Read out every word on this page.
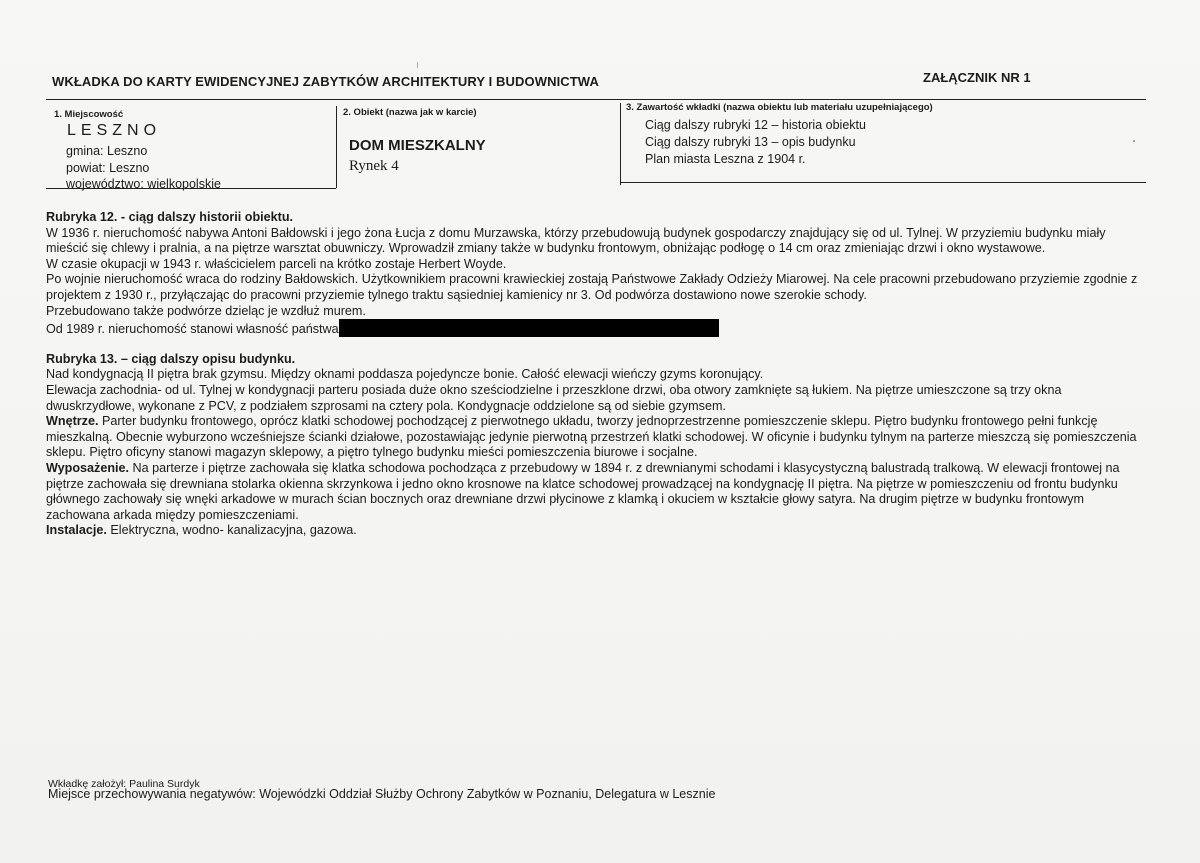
WKŁADKA DO KARTY EWIDENCYJNEJ ZABYTKÓW ARCHITEKTURY I BUDOWNICTWA	ZAŁĄCZNIK NR 1
1. Miejscowość
LESZNO
gmina: Leszno
powiat: Leszno
województwo: wielkopolskie
2. Obiekt (nazwa jak w karcie)
DOM MIESZKALNY
Rynek 4
3. Zawartość wkładki (nazwa obiektu lub materiału uzupełniającego)
Ciąg dalszy rubryki 12 – historia obiektu
Ciąg dalszy rubryki 13 – opis budynku
Plan miasta Leszna z 1904 r.

Rubryka 12. - ciąg dalszy historii obiektu.

W 1936 r. nieruchomość nabywa Antoni Bałdowski i jego żona Łucja z domu Murzawska, którzy przebudowują budynek gospodarczy znajdujący się od ul. Tylnej. W przyziemiu budynku miały mieścić się chlewy i pralnia, a na piętrze warsztat obuwniczy. Wprowadził zmiany także w budynku frontowym, obniżając podłogę o 14 cm oraz zmieniając drzwi i okno wystawowe.

W czasie okupacji w 1943 r. właścicielem parceli na krótko zostaje Herbert Woyde.

Po wojnie nieruchomość wraca do rodziny Bałdowskich. Użytkownikiem pracowni krawieckiej zostają Państwowe Zakłady Odzieży Miarowej. Na cele pracowni przebudowano przyziemie zgodnie z projektem z 1930 r., przyłączając do pracowni przyziemie tylnego traktu sąsiedniej kamienicy nr 3. Od podwórza dostawiono nowe szerokie schody.

Przebudowano także podwórze dzieląc je wzdłuż murem.

Od 1989 r. nieruchomość stanowi własność państwa

Rubryka 13. – ciąg dalszy opisu budynku.

Nad kondygnacją II piętra brak gzymsu. Między oknami poddasza pojedyncze bonie. Całość elewacji wieńczy gzyms koronujący.

Elewacja zachodnia- od ul. Tylnej w kondygnacji parteru posiada duże okno sześciodzielne i przeszklone drzwi, oba otwory zamknięte są łukiem. Na piętrze umieszczone są trzy okna dwuskrzydłowe, wykonane z PCV, z podziałem szprosami na cztery pola. Kondygnacje oddzielone są od siebie gzymsem.

Wnętrze. Parter budynku frontowego, oprócz klatki schodowej pochodzącej z pierwotnego układu, tworzy jednoprzestrzenne pomieszczenie sklepu. Piętro budynku frontowego pełni funkcję mieszkalną. Obecnie wyburzono wcześniejsze ścianki działowe, pozostawiając jedynie pierwotną przestrzeń klatki schodowej. W oficynie i budynku tylnym na parterze mieszczą się pomieszczenia sklepu. Piętro oficyny stanowi magazyn sklepowy, a piętro tylnego budynku mieści pomieszczenia biurowe i socjalne.

Wyposażenie. Na parterze i piętrze zachowała się klatka schodowa pochodząca z przebudowy w 1894 r. z drewnianymi schodami i klasycystyczną balustradą tralkową. W elewacji frontowej na piętrze zachowała się drewniana stolarka okienna skrzynkowa i jedno okno krosnowe na klatce schodowej prowadzącej na kondygnację II piętra. Na piętrze w pomieszczeniu od frontu budynku głównego zachowały się wnęki arkadowe w murach ścian bocznych oraz drewniane drzwi płycinowe z klamką i okuciem w kształcie głowy satyra. Na drugim piętrze w budynku frontowym zachowana arkada między pomieszczeniami.

Instalacje. Elektryczna, wodno- kanalizacyjna, gazowa.

Wkładkę założył: Paulina Surdyk
Miejsce przechowywania negatywów: Wojewódzki Oddział Służby Ochrony Zabytków w Poznaniu, Delegatura w Lesznie
